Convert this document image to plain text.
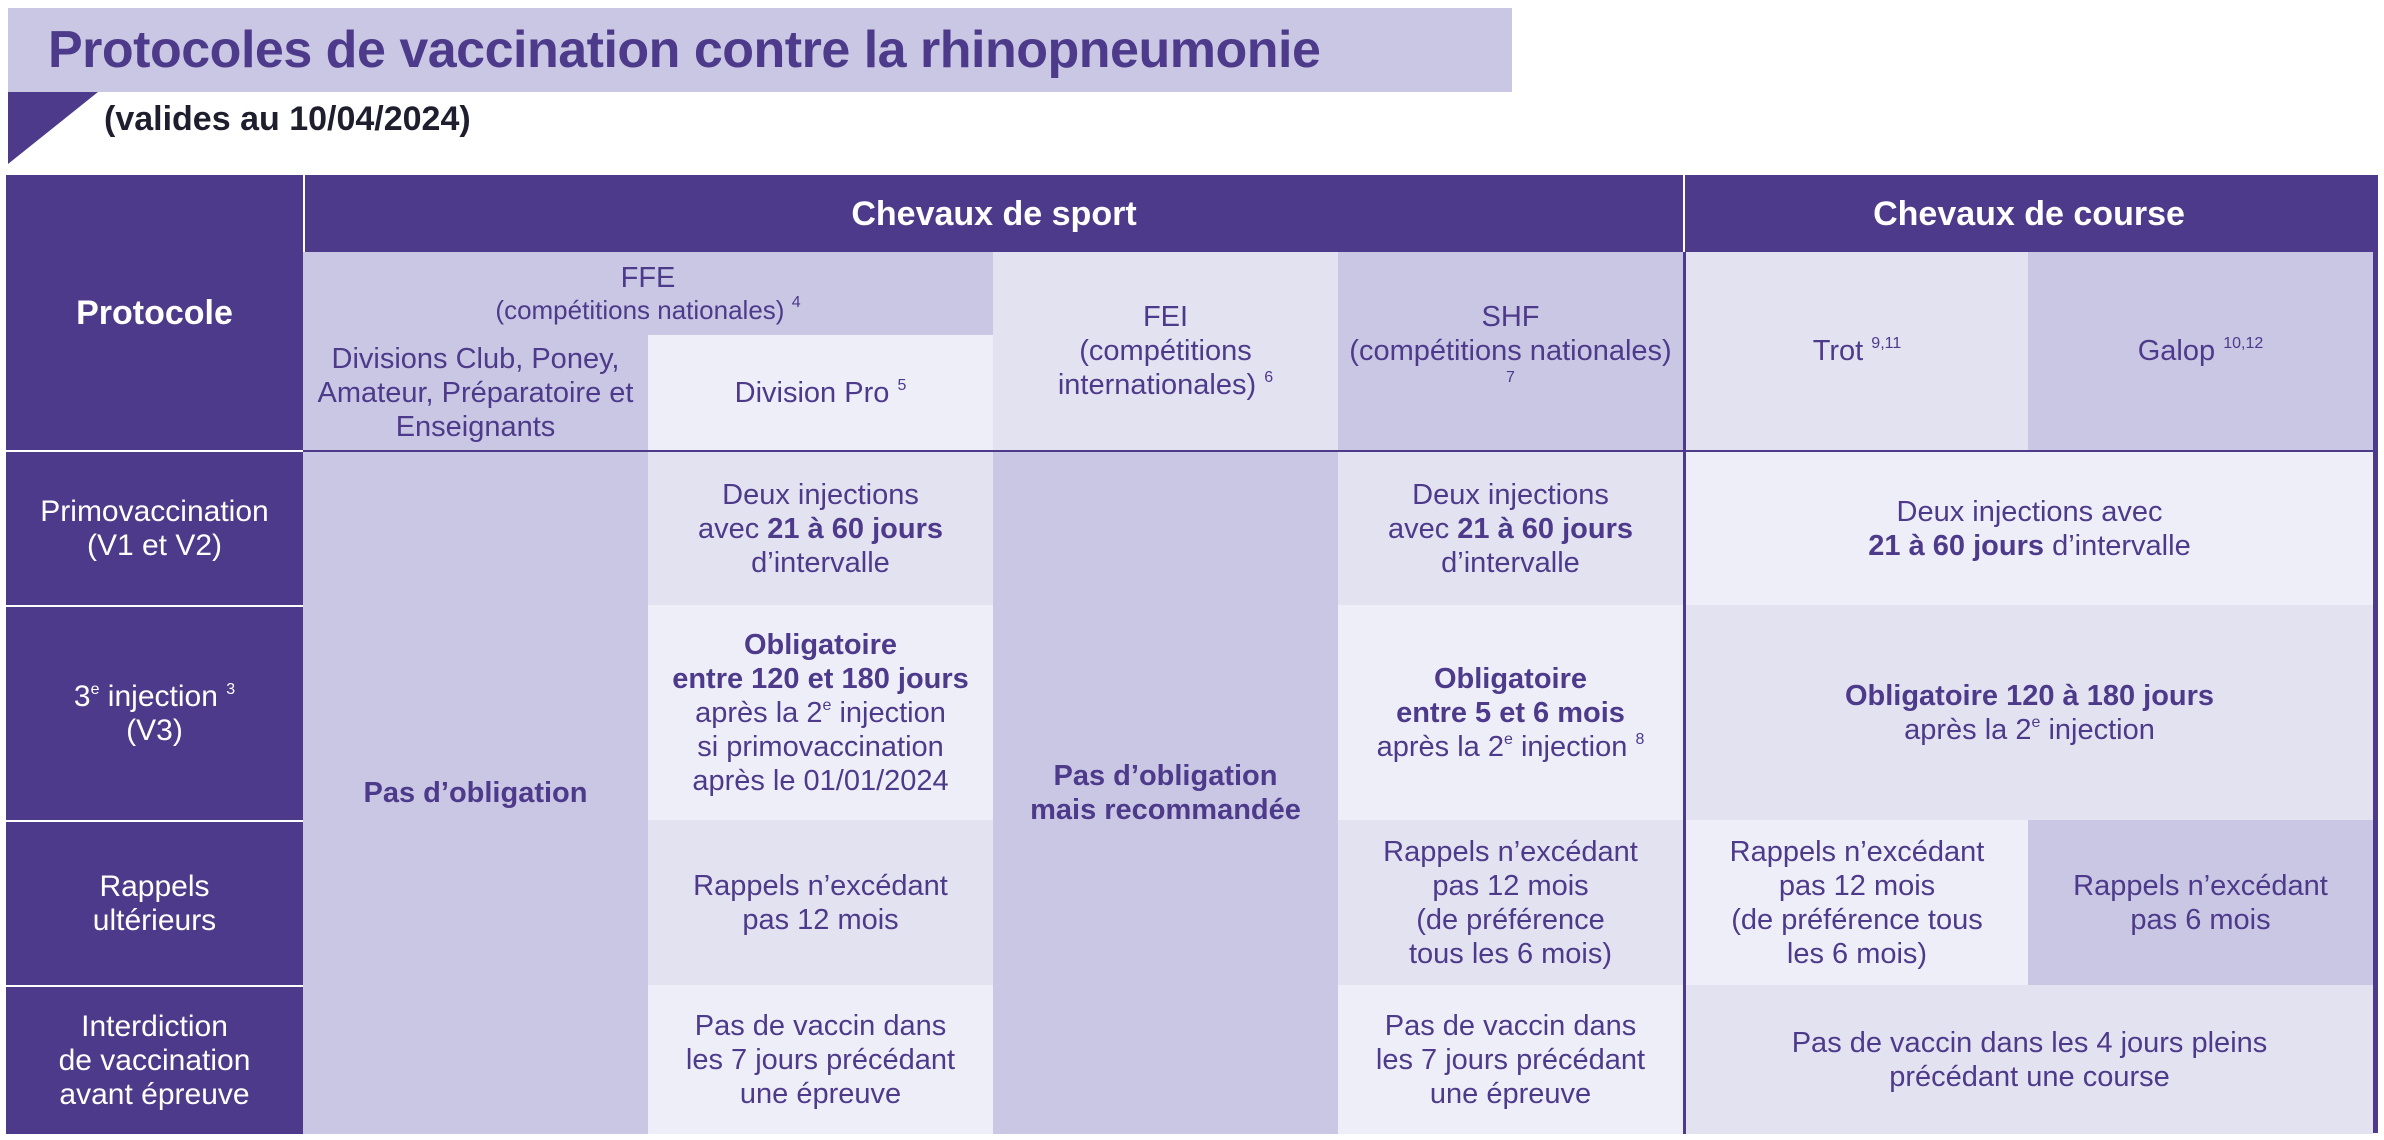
Protocoles de vaccination contre la rhinopneumonie
(valides au 10/04/2024)
Protocole
Chevaux de sport	Chevaux de course
FFE
(compétitions nationales) $^4$
Divisions Club, Poney, Amateur, Préparatoire et Enseignants
Division Pro $^5$
FEI
(compétitions internationales) $^6$
SHF
(compétitions nationales) $^7$
Trot $^{9,11}$	Galop $^{10,12}$
Primovaccination
(V1 et V2)
3e injection $^3$
(V3)
Rappels
ultérieurs
Interdiction
de vaccination
avant épreuve
Pas d’obligation
Deux injections
avec 21 à 60 jours
d’intervalle
Obligatoire
entre 120 et 180 jours
après la 2e injection
si primovaccination
après le 01/01/2024
Rappels n’excédant
pas 12 mois
Pas de vaccin dans
les 7 jours précédant
une épreuve
Pas d’obligation
mais recommandée
Deux injections
avec 21 à 60 jours
d’intervalle
Obligatoire
entre 5 et 6 mois
après la 2e injection $^8$
Rappels n’excédant
pas 12 mois
(de préférence
tous les 6 mois)
Pas de vaccin dans
les 7 jours précédant
une épreuve
Deux injections avec
21 à 60 jours d’intervalle
Obligatoire 120 à 180 jours
après la 2e injection
Rappels n’excédant
pas 12 mois
(de préférence tous
les 6 mois)
Rappels n’excédant
pas 6 mois
Pas de vaccin dans les 4 jours pleins
précédant une course
